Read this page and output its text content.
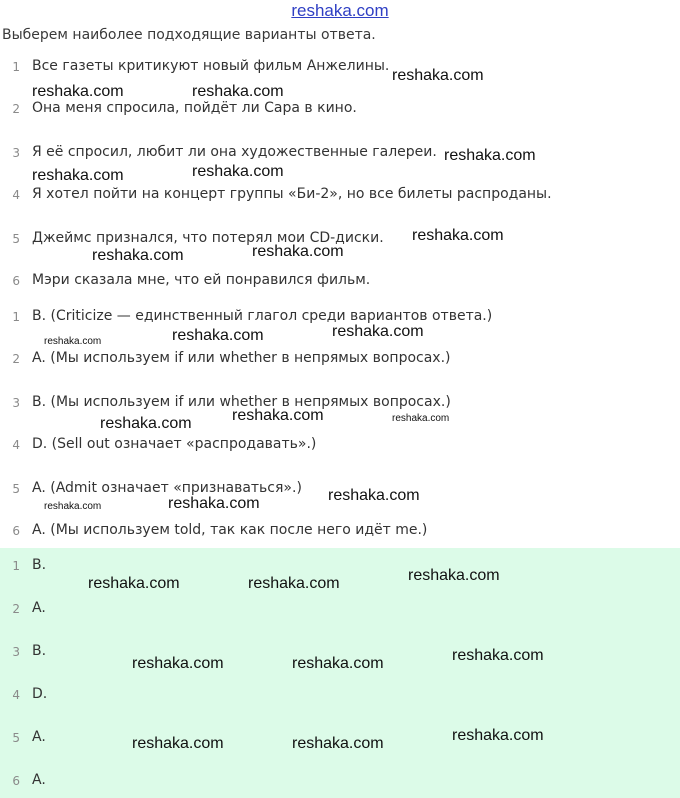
reshaka.com
Выберем наиболее подходящие варианты ответа.
1 Все газеты критикуют новый фильм Анжелины.
2 Она меня спросила, пойдёт ли Сара в кино.
3 Я её спросил, любит ли она художественные галереи.
4 Я хотел пойти на концерт группы «Би-2», но все билеты распроданы.
5 Джеймс признался, что потерял мои CD-диски.
6 Мэри сказала мне, что ей понравился фильм.
1 B. (Criticize — единственный глагол среди вариантов ответа.)
2 A. (Мы используем if или whether в непрямых вопросах.)
3 B. (Мы используем if или whether в непрямых вопросах.)
4 D. (Sell out означает «распродавать».)
5 A. (Admit означает «признаваться».)
6 A. (Мы используем told, так как после него идёт me.)
1 B.
2 A.
3 B.
4 D.
5 A.
6 A.
reshaka.com
reshaka.com	reshaka.com
reshaka.com
reshaka.com	reshaka.com
reshaka.com
reshaka.com	reshaka.com
reshaka.com
reshaka.com	reshaka.com
reshaka.com	reshaka.com	reshaka.com
reshaka.com
reshaka.com	reshaka.com
reshaka.com
reshaka.com	reshaka.com
reshaka.com
reshaka.com	reshaka.com
reshaka.com
reshaka.com	reshaka.com
